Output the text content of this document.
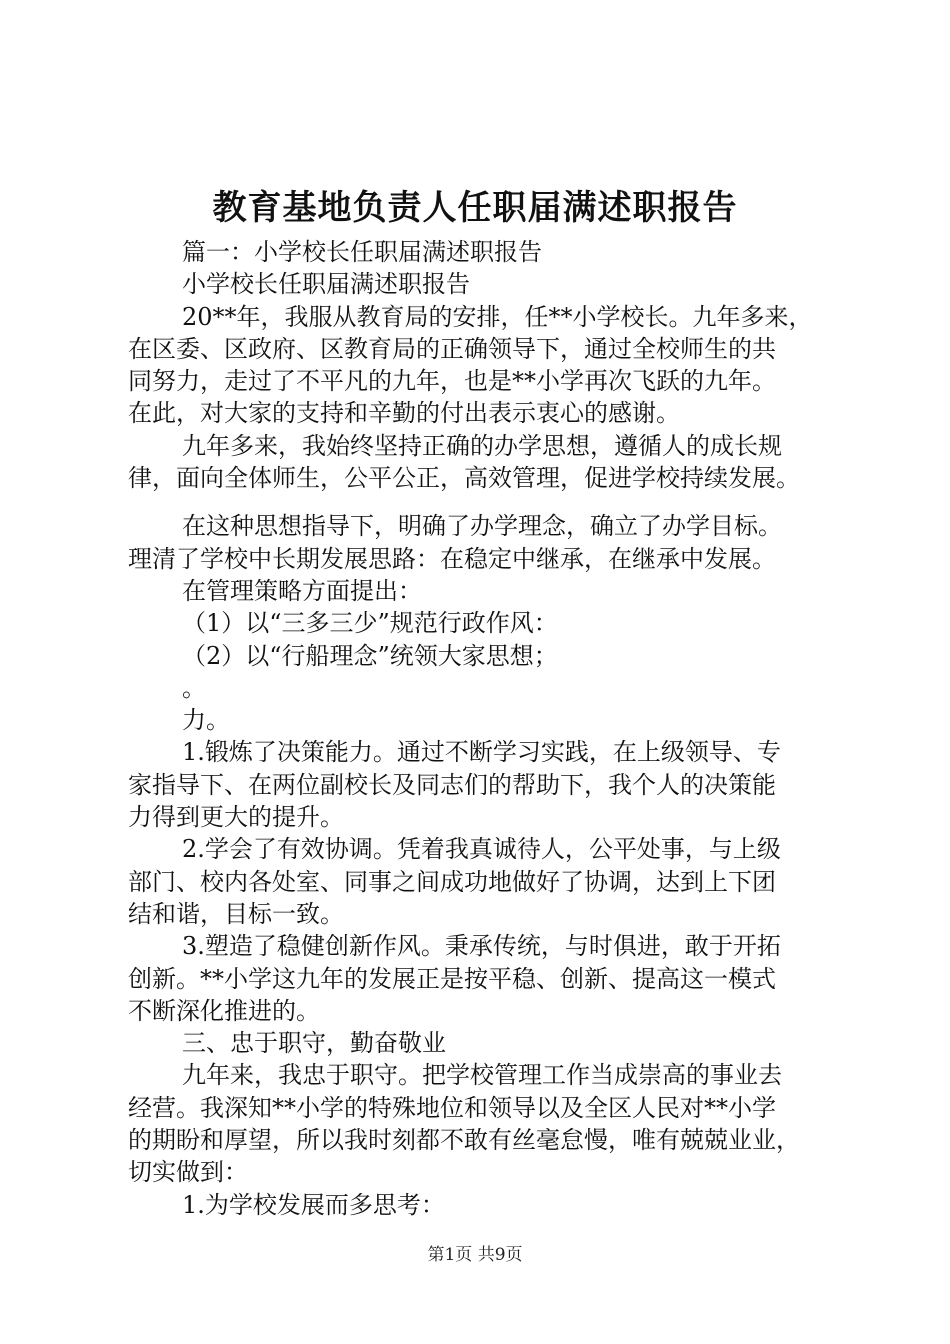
教育基地负责人任职届满述职报告
篇一：小学校长任职届满述职报告
小学校长任职届满述职报告
20**年，我服从教育局的安排，任**小学校长。九年多来，
在区委、区政府、区教育局的正确领导下，通过全校师生的共
同努力，走过了不平凡的九年，也是**小学再次飞跃的九年。
在此，对大家的支持和辛勤的付出表示衷心的感谢。
九年多来，我始终坚持正确的办学思想，遵循人的成长规
律，面向全体师生，公平公正，高效管理，促进学校持续发展。
在这种思想指导下，明确了办学理念，确立了办学目标。
理清了学校中长期发展思路：在稳定中继承，在继承中发展。
在管理策略方面提出：
（1）以“三多三少”规范行政作风：
（2）以“行船理念”统领大家思想；
。
力。
1.锻炼了决策能力。通过不断学习实践，在上级领导、专
家指导下、在两位副校长及同志们的帮助下，我个人的决策能
力得到更大的提升。
2.学会了有效协调。凭着我真诚待人，公平处事，与上级
部门、校内各处室、同事之间成功地做好了协调，达到上下团
结和谐，目标一致。
3.塑造了稳健创新作风。秉承传统，与时俱进，敢于开拓
创新。**小学这九年的发展正是按平稳、创新、提高这一模式
不断深化推进的。
三、忠于职守，勤奋敬业
九年来，我忠于职守。把学校管理工作当成崇高的事业去
经营。我深知**小学的特殊地位和领导以及全区人民对**小学
的期盼和厚望，所以我时刻都不敢有丝毫怠慢，唯有兢兢业业，
切实做到：
1.为学校发展而多思考：
第1页 共9页
